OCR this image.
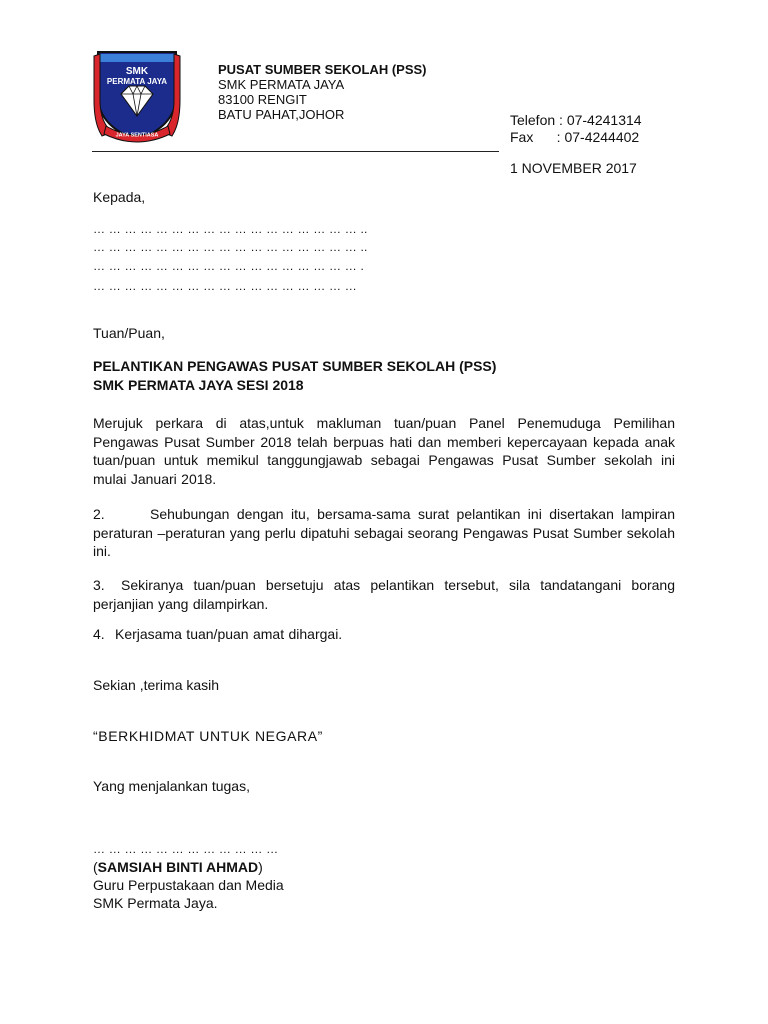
JAYA SENTIASA
SMK
PERMATA JAYA
PUSAT SUMBER SEKOLAH (PSS)
SMK PERMATA JAYA
83100 RENGIT
BATU PAHAT,JOHOR	Telefon : 07-4241314
Fax      : 07-4244402
1 NOVEMBER 2017
Kepada,
… … … … … … … … … … … … … … … … … ..
… … … … … … … … … … … … … … … … … ..
… … … … … … … … … … … … … … … … … .
… … … … … … … … … … … … … … … … …
Tuan/Puan,
PELANTIKAN PENGAWAS PUSAT SUMBER SEKOLAH (PSS)
SMK PERMATA JAYA SESI 2018
Merujuk perkara di atas,untuk makluman tuan/puan Panel Penemuduga Pemilihan Pengawas Pusat Sumber 2018 telah berpuas hati dan memberi kepercayaan kepada anak tuan/puan untuk memikul tanggungjawab sebagai Pengawas Pusat Sumber sekolah ini mulai Januari 2018.
2.	Sehubungan dengan itu, bersama-sama surat pelantikan ini disertakan lampiran peraturan –peraturan yang perlu dipatuhi sebagai seorang Pengawas Pusat Sumber sekolah ini.
3. Sekiranya tuan/puan bersetuju atas pelantikan tersebut, sila tandatangani borang perjanjian yang dilampirkan.
4. Kerjasama tuan/puan amat dihargai.
Sekian ,terima kasih
“BERKHIDMAT UNTUK NEGARA”
Yang menjalankan tugas,
… … … … … … … … … … … …
(SAMSIAH BINTI AHMAD)
Guru Perpustakaan dan Media
SMK Permata Jaya.
